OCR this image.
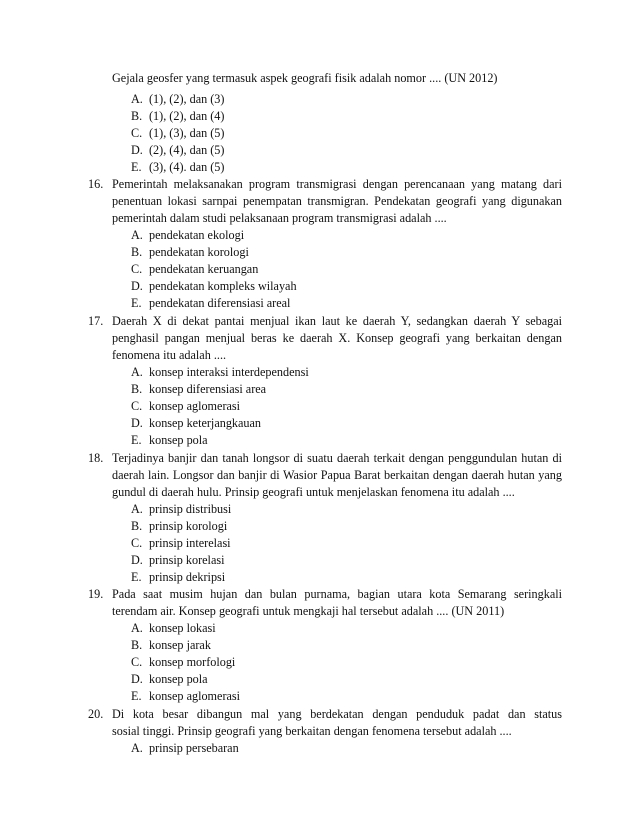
Gejala geosfer yang termasuk aspek geografi fisik adalah nomor .... (UN 2012)
A. (1), (2), dan (3)
B. (1), (2), dan (4)
C. (1), (3), dan (5)
D. (2), (4), dan (5)
E. (3), (4). dan (5)
16. Pemerintah melaksanakan program transmigrasi dengan perencanaan yang matang dari
penentuan lokasi sarnpai penempatan transmigran. Pendekatan geografi yang digunakan
pemerintah dalam studi pelaksanaan program transmigrasi adalah ....
A. pendekatan ekologi
B. pendekatan korologi
C. pendekatan keruangan
D. pendekatan kompleks wilayah
E. pendekatan diferensiasi areal
17. Daerah X di dekat pantai menjual ikan laut ke daerah Y, sedangkan daerah Y sebagai
penghasil pangan menjual beras ke daerah X. Konsep geografi yang berkaitan dengan
fenomena itu adalah ....
A. konsep interaksi interdependensi
B. konsep diferensiasi area
C. konsep aglomerasi
D. konsep keterjangkauan
E. konsep pola
18. Terjadinya banjir dan tanah longsor di suatu daerah terkait dengan penggundulan hutan di
daerah lain. Longsor dan banjir di Wasior Papua Barat berkaitan dengan daerah hutan yang
gundul di daerah hulu. Prinsip geografi untuk menjelaskan fenomena itu adalah ....
A. prinsip distribusi
B. prinsip korologi
C. prinsip interelasi
D. prinsip korelasi
E. prinsip dekripsi
19. Pada saat musim hujan dan bulan purnama, bagian utara kota Semarang seringkali
terendam air. Konsep geografi untuk mengkaji hal tersebut adalah .... (UN 2011)
A. konsep lokasi
B. konsep jarak
C. konsep morfologi
D. konsep pola
E. konsep aglomerasi
20. Di kota besar dibangun mal yang berdekatan dengan penduduk padat dan status
sosial tinggi. Prinsip geografi yang berkaitan dengan fenomena tersebut adalah ....
A. prinsip persebaran
